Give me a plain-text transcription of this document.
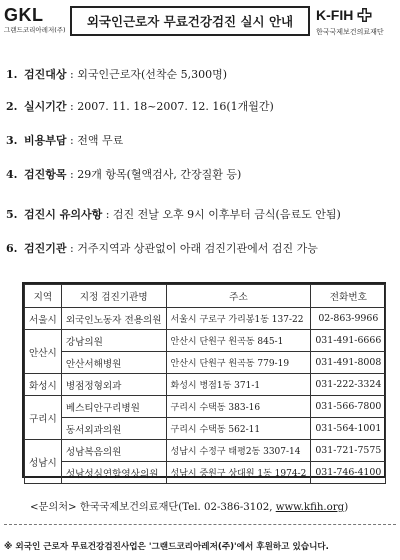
GKL
그랜드코리아레저(주)
외국인근로자 무료건강검진 실시 안내	K-FIH
한국국제보건의료재단
1. 검진대상 : 외국인근로자(선착순 5,300명)
2. 실시기간 : 2007. 11. 18~2007. 12. 16(1개월간)
3. 비용부담 : 전액 무료
4. 검진항목 : 29개 항목(혈액검사, 간장질환 등)
5. 검진시 유의사항 : 검진 전날 오후 9시 이후부터 금식(음료도 안됨)
6. 검진기관 : 거주지역과 상관없이 아래 검진기관에서 검진 가능
지역	지정 검진기관명	주소	전화번호
서울시	외국인노동자 전용의원	서울시 구로구 가리봉1동 137-22	02-863-9966
안산시	강남의원	안산시 단원구 원곡동 845-1	031-491-6666
	안산서해병원	안산시 단원구 원곡동 779-19	031-491-8008
화성시	병점정형외과	화성시 병점1동 371-1	031-222-3324
구리시	베스티안구리병원	구리시 수택동 383-16	031-566-7800
	동서외과의원	구리시 수택동 562-11	031-564-1001
성남시	성남복음의원	성남시 수정구 태평2동 3307-14	031-721-7575
	성남성심연합영상의원	성남시 중원구 상대원 1동 1974-2	031-746-4100
<문의처> 한국국제보건의료재단(Tel. 02-386-3102, www.kfih.org)
※ 외국인 근로자 무료건강검진사업은 '그랜드코리아레저(주)'에서 후원하고 있습니다.
